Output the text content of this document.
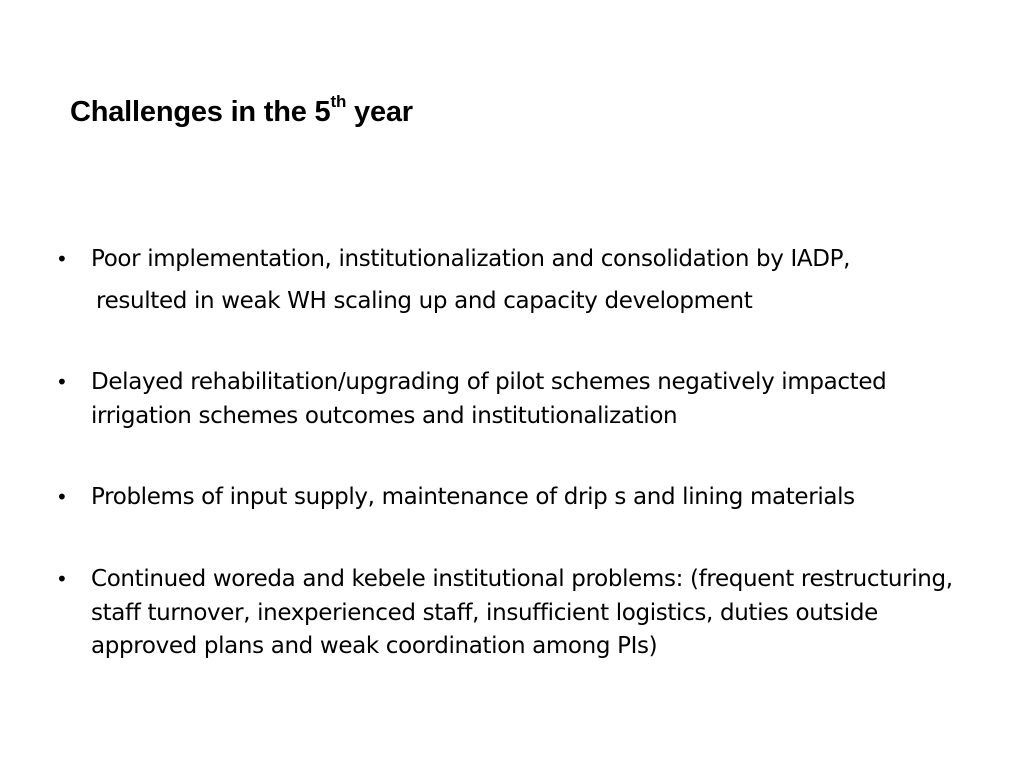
Challenges in the 5th year
•	Poor implementation, institutionalization and consolidation by IADP,
resulted in weak WH scaling up and capacity development
•	Delayed rehabilitation/upgrading of pilot schemes negatively impacted irrigation schemes outcomes and institutionalization
•	Problems of input supply, maintenance of drip s and lining materials
•	Continued woreda and kebele institutional problems: (frequent restructuring, staff turnover, inexperienced staff, insufficient logistics, duties outside approved plans and weak coordination among PIs)
